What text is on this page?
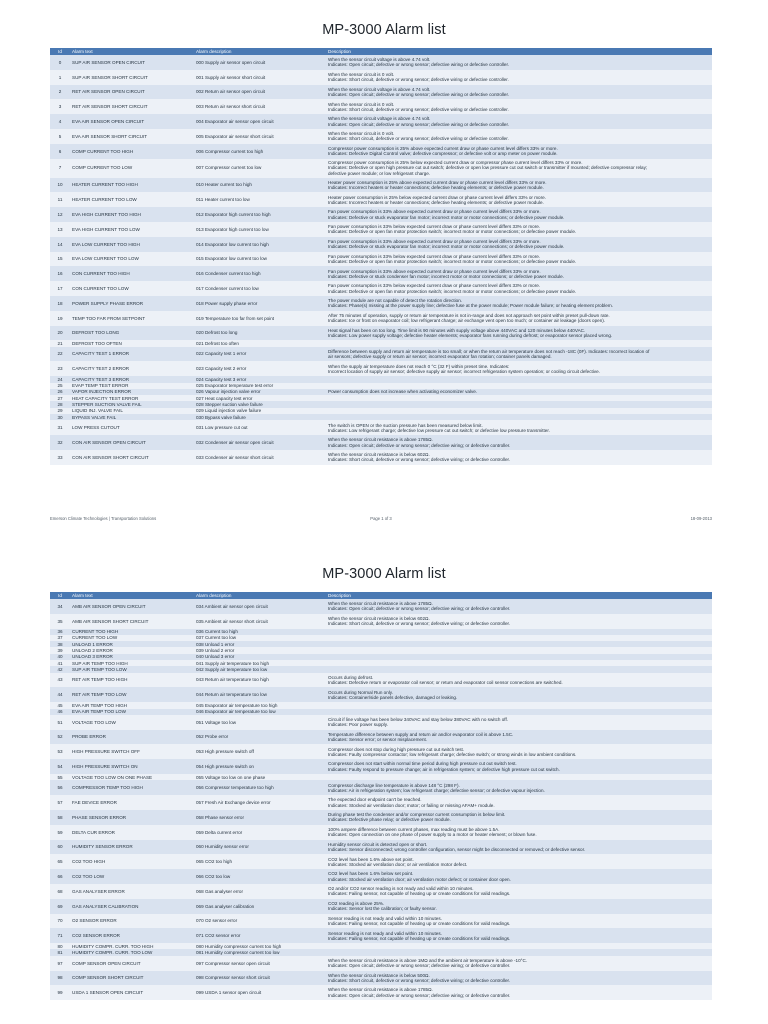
MP-3000 Alarm list
Id	Alarm text	Alarm description	Description
0	SUP AIR SENSOR OPEN CIRCUIT	000 Supply air sensor open circuit	When the sensor circuit voltage is above 4.74 volt.
Indicates: Open circuit; defective or wrong sensor; defective wiring or defective controller.

1	SUP AIR SENSOR SHORT CIRCUIT	001 Supply air sensor short circuit	When the sensor circuit is 0 volt.
Indicates: Short circuit, defective or wrong sensor; defective wiring or defective controller.

2	RET AIR SENSOR OPEN CIRCUIT	002 Return air sensor open circuit	When the sensor circuit voltage is above 4.74 volt.
Indicates: Open circuit; defective or wrong sensor; defective wiring or defective controller.

3	RET AIR SENSOR SHORT CIRCUIT	003 Return air sensor short circuit	When the sensor circuit is 0 volt.
Indicates: Short circuit, defective or wrong sensor; defective wiring or defective controller.

4	EVA AIR SENSOR OPEN CIRCUIT	004 Evaporator air sensor open circuit	When the sensor circuit voltage is above 4.74 volt.
Indicates: Open circuit; defective or wrong sensor; defective wiring or defective controller.

5	EVA AIR SENSOR SHORT CIRCUIT	005 Evaporator air sensor short circuit	When the sensor circuit is 0 volt.
Indicates: Short circuit, defective or wrong sensor; defective wiring or defective controller.

6	COMP CURRENT TOO HIGH	006 Compressor current too high	Compressor power consumption is 25% above expected current draw or phase current level differs 33% or more.
Indicates: Defective Digital Control valve; defective compressor; or defective volt or amp meter on power module.

7	COMP CURRENT TOO LOW	007 Compressor current too low	Compressor power consumption is 25% below expected current draw or compressor phase current level differs 33% or more.
Indicates: Defective or open high pressure cut out switch; defective or open low pressure cut out switch or transmitter if mounted; defective compressor relay;
defective power module; or low refrigerant charge.

10	HEATER CURRENT TOO HIGH	010 Heater current too high	Heater power consumption is 25% above expected current draw or phase current level differs 33% or more.
Indicates: Incorrect heaters or heater connections; defective heating elements; or defective power module.

11	HEATER CURRENT TOO LOW	011 Heater current too low	Heater power consumption is 25% below expected current draw or phase current level differs 33% or more.
Indicates: Incorrect heaters or heater connections; defective heating elements; or defective power module.

12	EVA HIGH CURRENT TOO HIGH	012 Evaporator high current too high	Fan power consumption is 33% above expected current draw or phase current level differs 33% or more.
Indicates: Defective or stuck evaporator fan motor; incorrect motor or motor connections; or defective power module.

13	EVA HIGH CURRENT TOO LOW	013 Evaporator high current too low	Fan power consumption is 33% below expected current draw or phase current level differs 33% or more.
Indicates: Defective or open fan motor protection switch; incorrect motor or motor connections; or defective power module.

14	EVA LOW CURRENT TOO HIGH	014 Evaporator low current too high	Fan power consumption is 33% above expected current draw or phase current level differs 33% or more.
Indicates: Defective or stuck evaporator fan motor; incorrect motor or motor connections; or defective power module.

15	EVA LOW CURRENT TOO LOW	015 Evaporator low current too low	Fan power consumption is 33% below expected current draw or phase current level differs 33% or more.
Indicates: Defective or open fan motor protection switch; incorrect motor or motor connections; or defective power module.

16	CON CURRENT TOO HIGH	016 Condenser current too high	Fan power consumption is 33% above expected current draw or phase current level differs 33% or more.
Indicates: Defective or stuck condenser fan motor; incorrect motor or motor connections; or defective power module.

17	CON CURRENT TOO LOW	017 Condenser current too low	Fan power consumption is 33% below expected current draw or phase current level differs 33% or more.
Indicates: Defective or open fan motor protection switch; incorrect motor or motor connections; or defective power module.

18	POWER SUPPLY PHASE ERROR	018 Power supply phase error	The power module are not capable of detect the rotation direction.
Indicates: Phase(s) missing at the power supply line; defective fuse at the power module; Power module failure; or heating element problem.

19	TEMP TOO FAR FROM SETPOINT	019 Temperature too far from set point	After 75 minutes of operation, supply or return air temperature is not in-range and does not approach set point within preset pull-down rate.
Indicates: Ice or frost on evaporator coil; low refrigerant charge; air exchange vent open too much; or container air leakage (doors open).

20	DEFROST TOO LONG	020 Defrost too long	Heat signal has been on too long. Time limit is 90 minutes with supply voltage above 440VAC and 120 minutes below 440VAC.
Indicates: Low power supply voltage; defective heater elements; evaporator fans running during defrost; or evaporator sensor placed wrong.

21	DEFROST TOO OFTEN	021 Defrost too often	

22	CAPACITY TEST 1 ERROR	022 Capacity test 1 error	Difference between supply and return air temperature is too small; or when the return air temperature does not reach -18C (0F). Indicates: Incorrect location of
air sensors; defective supply or return air sensor; incorrect evaporator fan rotation; container panels damaged.

23	CAPACITY TEST 2 ERROR	023 Capacity test 2 error	When the supply air temperature does not reach 0 °C (32 F) within preset time. Indicates:
Incorrect location of supply air sensor; defective supply air sensor; incorrect refrigeration system operation; or cooling circuit defective.

24	CAPACITY TEST 3 ERROR	024 Capacity test 3 error	

25	EVAP TEMP TEST ERROR	025 Evaporator temperature test error	

26	VAPOR INJECTION ERROR	026 Vapour injection valve error	Power consumption does not increase when activating economizer valve.

27	HEAT CAPACITY TEST ERROR	027 Heat capacity test error	

28	STEPPER SUCTION VALVE FAIL	028 Stepper suction valve failure	

29	LIQUID INJ. VALVE FAIL	029 Liquid injection valve failure	

30	BYPASS VALVE FAIL	030 Bypass valve failure	

31	LOW PRESS CUTOUT	031 Low pressure cut out	The switch is OPEN or the suction pressure has been measured below limit.
Indicates: Low refrigerant charge; defective low pressure cut out switch; or defective low pressure transmitter.

32	CON AIR SENSOR OPEN CIRCUIT	032 Condenser air sensor open circuit	When the sensor circuit resistance is above 1785Ω.
Indicates: Open circuit; defective or wrong sensor; defective wiring; or defective controller.

33	CON AIR SENSOR SHORT CIRCUIT	033 Condenser air sensor short circuit	When the sensor circuit resistance is below 602Ω.
Indicates: Short circuit, defective or wrong sensor; defective wiring; or defective controller.
Emerson Climate Technologies | Transportation Solutions	Page 1 of 3	18-09-2013
MP-3000 Alarm list
Id	Alarm text	Alarm description	Description
34	AMB AIR SENSOR OPEN CIRCUIT	034 Ambient air sensor open circuit	When the sensor circuit resistance is above 1785Ω.
Indicates: Open circuit; defective or wrong sensor; defective wiring; or defective controller.

35	AMB AIR SENSOR SHORT CIRCUIT	035 Ambient air sensor short circuit	When the sensor circuit resistance is below 602Ω.
Indicates: Short circuit, defective or wrong sensor; defective wiring; or defective controller.

36	CURRENT TOO HIGH	036 Current too high	

37	CURRENT TOO LOW	037 Current too low	

38	UNLOAD 1 ERROR	038 Unload 1 error	

39	UNLOAD 2 ERROR	039 Unload 2 error	

40	UNLOAD 3 ERROR	040 Unload 3 error	

41	SUP AIR TEMP TOO HIGH	041 Supply air temperature too high	

42	SUP AIR TEMP TOO LOW	042 Supply air temperature too low	

43	RET AIR TEMP TOO HIGH	043 Return air temperature too high	Occurs during defrost.
Indicates: Defective return or evaporator coil sensor; or return and evaporator coil sensor connections are switched.

44	RET AIR TEMP TOO LOW	044 Return air temperature too low	Occurs during Normal Run only.
Indicates: Container/side panels defective, damaged or leaking.

45	EVA AIR TEMP TOO HIGH	045 Evaporator air temperature too high	

46	EVA AIR TEMP TOO LOW	046 Evaporator air temperature too low	

51	VOLTAGE TOO LOW	051 Voltage too low	Circuit if line voltage has been below 340VAC and stay below 380VAC with no switch off.
Indicates: Poor power supply.

52	PROBE ERROR	052 Probe error	Temperature difference between supply and return air and/or evaporator coil is above 1.5C.
Indicates: Sensor error; or sensor misplacement.

53	HIGH PRESSURE SWITCH OFF	053 High pressure switch off	Compressor does not stop during high pressure cut out switch test.
Indicates: Faulty compressor contactor; low refrigerant charge; defective switch; or strong winds in low ambient conditions.

54	HIGH PRESSURE SWITCH ON	054 High pressure switch on	Compressor does not start within normal time period during high pressure cut out switch test.
Indicates: Faulty respond to pressure change; air in refrigeration system; or defective high pressure cut out switch.

55	VOLTAGE TOO LOW ON ONE PHASE	055 Voltage too low on one phase	

56	COMPRESSOR TEMP TOO HIGH	056 Compressor temperature too high	Compressor discharge line temperature is above 148 °C (298 F).
Indicates: Air in refrigeration system; low refrigerant charge; defective sensor; or defective vapour injection.

57	FAE DEVICE ERROR	057 Fresh Air Exchange device error	The expected door endpoint can't be reached.
Indicates: Stocked air ventilation door; motor; or failing or missing AFAM+ module.

58	PHASE SENSOR ERROR	058 Phase sensor error	During phase test the condenser and/or compressor current consumption is below limit.
Indicates: Defective phase relay; or defective power module.

59	DELTA CUR ERROR	059 Delta current error	100% ampere difference between current phases, max reading must be above 1.5A.
Indicates: Open connection on one phase of power supply to a motor or heater element; or blown fuse.

60	HUMIDITY SENSOR ERROR	060 Humidity sensor error	Humidity sensor circuit is detected open or short.
Indicates: Sensor disconnected; wrong controller configuration, sensor might be disconnected or removed; or defective sensor.

65	CO2 TOO HIGH	065 CO2 too high	CO2 level has been 1.6% above set point.
Indicates: Stocked air ventilation door; or air ventilation motor defect.

66	CO2 TOO LOW	066 CO2 too low	CO2 level has been 1.6% below set point.
Indicates: Stocked air ventilation door; air ventilation motor defect; or container door open.

68	GAS ANALYSER ERROR	068 Gas analyser error	O2 and/or CO2 sensor reading is not ready and valid within 10 minutes.
Indicates: Failing sensor, not capable of heating up or create conditions for valid readings.

69	GAS ANALYSER CALIBRATION	069 Gas analyser calibration	CO2 reading is above 25%.
Indicates: Sensor lost the calibration; or faulty sensor.

70	O2 SENSOR ERROR	070 O2 sensor error	Sensor reading is not ready and valid within 10 minutes.
Indicates: Failing sensor, not capable of heating up or create conditions for valid readings.

71	CO2 SENSOR ERROR	071 CO2 sensor error	Sensor reading is not ready and valid within 10 minutes.
Indicates: Failing sensor, not capable of heating up or create conditions for valid readings.

80	HUMIDITY COMPR. CURR. TOO HIGH	080 Humidity compressor current too high	

81	HUMIDITY COMPR. CURR. TOO LOW	081 Humidity compressor current too low	

97	COMP SENSOR OPEN CIRCUIT	097 Compressor sensor open circuit	When the sensor circuit resistance is above 1MΩ and the ambient air temperature is above -10°C.
Indicates: Open circuit; defective or wrong sensor; defective wiring; or defective controller.

98	COMP SENSOR SHORT CIRCUIT	098 Compressor sensor short circuit	When the sensor circuit resistance is below 500Ω.
Indicates: Short circuit, defective or wrong sensor; defective wiring; or defective controller.

99	USDA 1 SENSOR OPEN CIRCUIT	099 USDA 1 sensor open circuit	When the sensor circuit resistance is above 1785Ω.
Indicates: Open circuit; defective or wrong sensor; defective wiring; or defective controller.
